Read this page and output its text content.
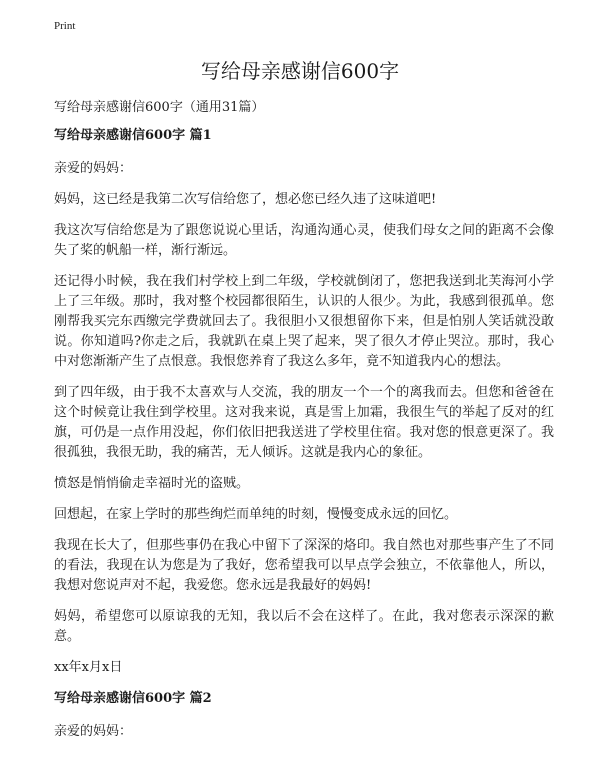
Print
写给母亲感谢信600字

写给母亲感谢信600字（通用31篇）

写给母亲感谢信600字 篇1

亲爱的妈妈：

妈妈，这已经是我第二次写信给您了，想必您已经久违了这味道吧!

我这次写信给您是为了跟您说说心里话，沟通沟通心灵，使我们母女之间的距离不会像失了桨的帆船一样，渐行渐远。

还记得小时候，我在我们村学校上到二年级，学校就倒闭了，您把我送到北芙海河小学上了三年级。那时，我对整个校园都很陌生，认识的人很少。为此，我感到很孤单。您刚帮我买完东西缴完学费就回去了。我很胆小又很想留你下来，但是怕别人笑话就没敢说。你知道吗?你走之后，我就趴在桌上哭了起来，哭了很久才停止哭泣。那时，我心中对您渐渐产生了点恨意。我恨您养育了我这么多年，竟不知道我内心的想法。

到了四年级，由于我不太喜欢与人交流，我的朋友一个一个的离我而去。但您和爸爸在这个时候竟让我住到学校里。这对我来说，真是雪上加霜，我很生气的举起了反对的红旗，可仍是一点作用没起，你们依旧把我送进了学校里住宿。我对您的恨意更深了。我很孤独，我很无助，我的痛苦，无人倾诉。这就是我内心的象征。

愤怒是悄悄偷走幸福时光的盗贼。

回想起，在家上学时的那些绚烂而单纯的时刻，慢慢变成永远的回忆。

我现在长大了，但那些事仍在我心中留下了深深的烙印。我自然也对那些事产生了不同的看法，我现在认为您是为了我好，您希望我可以早点学会独立，不依靠他人，所以，我想对您说声对不起，我爱您。您永远是我最好的妈妈!

妈妈，希望您可以原谅我的无知，我以后不会在这样了。在此，我对您表示深深的歉意。

xx年x月x日

写给母亲感谢信600字 篇2

亲爱的妈妈：
